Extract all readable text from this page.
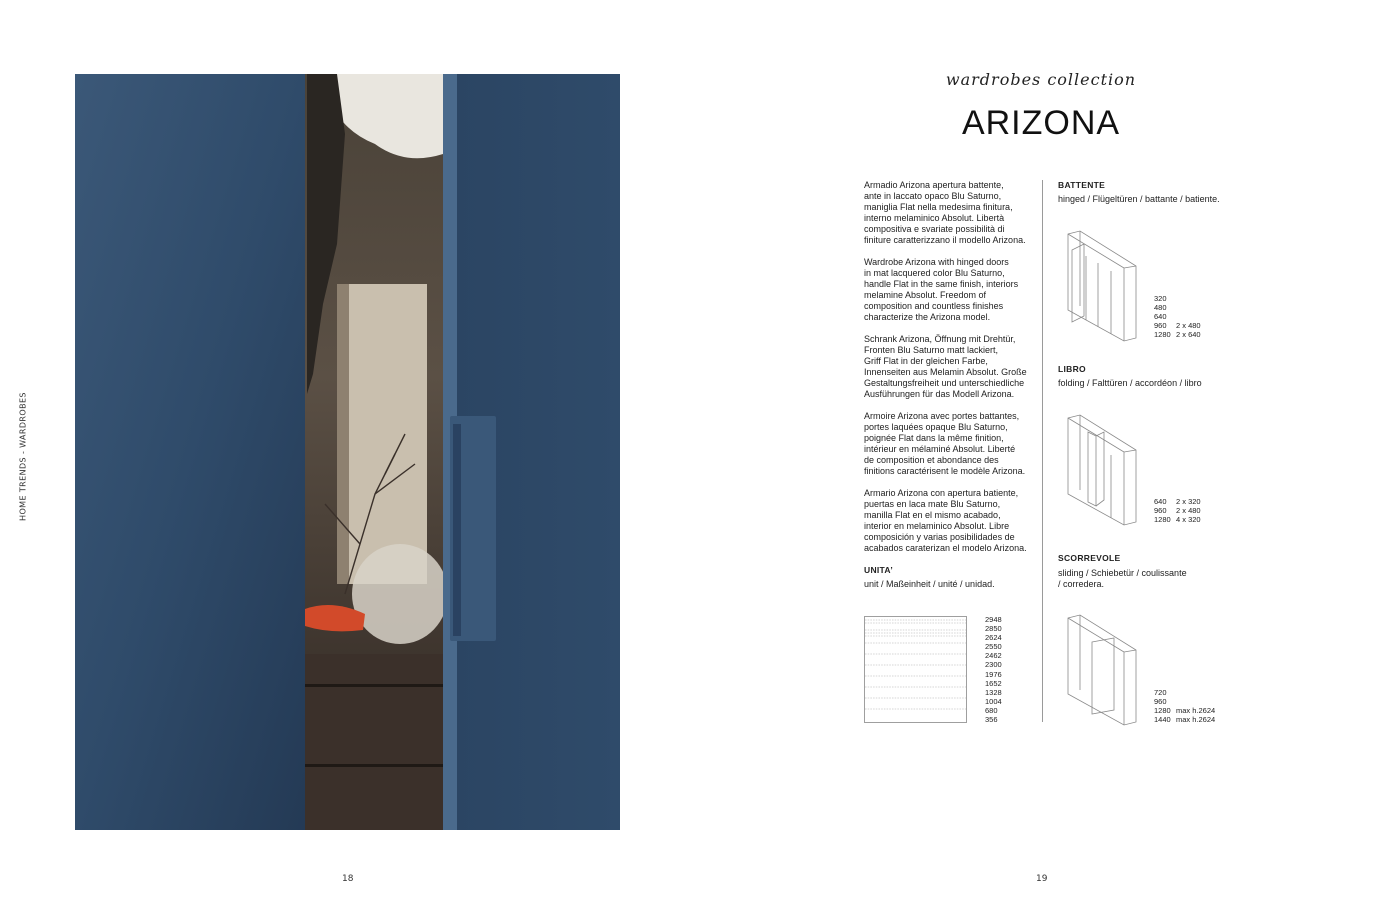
HOME TRENDS - WARDROBES
18
wardrobes collection
ARIZONA

Armadio Arizona apertura battente,
ante in laccato opaco Blu Saturno,
maniglia Flat nella medesima finitura,
interno melaminico Absolut. Libertà
compositiva e svariate possibilità di
finiture caratterizzano il modello Arizona.

Wardrobe Arizona with hinged doors
in mat lacquered color Blu Saturno,
handle Flat in the same finish, interiors
melamine Absolut. Freedom of
composition and countless finishes
characterize the Arizona model.

Schrank Arizona, Öffnung mit Drehtür,
Fronten Blu Saturno matt lackiert,
Griff Flat in der gleichen Farbe,
Innenseiten aus Melamin Absolut. Große
Gestaltungsfreiheit und unterschiedliche
Ausführungen für das Modell Arizona.

Armoire Arizona avec portes battantes,
portes laquées opaque Blu Saturno,
poignée Flat dans la même finition,
intérieur en mélaminé Absolut. Liberté
de composition et abondance des
finitions caractérisent le modèle Arizona.

Armario Arizona con apertura batiente,
puertas en laca mate Blu Saturno,
manilla Flat en el mismo acabado,
interior en melaminico Absolut. Libre
composición y varias posibilidades de
acabados caraterizan el modelo Arizona.

UNITA’
unit / Maßeinheit / unité / unidad.
2948
2850
2624
2550
2462
2300
1976
1652
1328
1004
680
356
BATTENTE
hinged / Flügeltüren / battante / batiente.
320
480
640
960	2 x 480
1280 2 x 640
LIBRO
folding / Falttüren / accordéon / libro
640	2 x 320
960	2 x 480
1280 4 x 320
SCORREVOLE
sliding / Schiebetür / coulissante
/ corredera.
720
960
1280 max h.2624
1440 max h.2624
19
